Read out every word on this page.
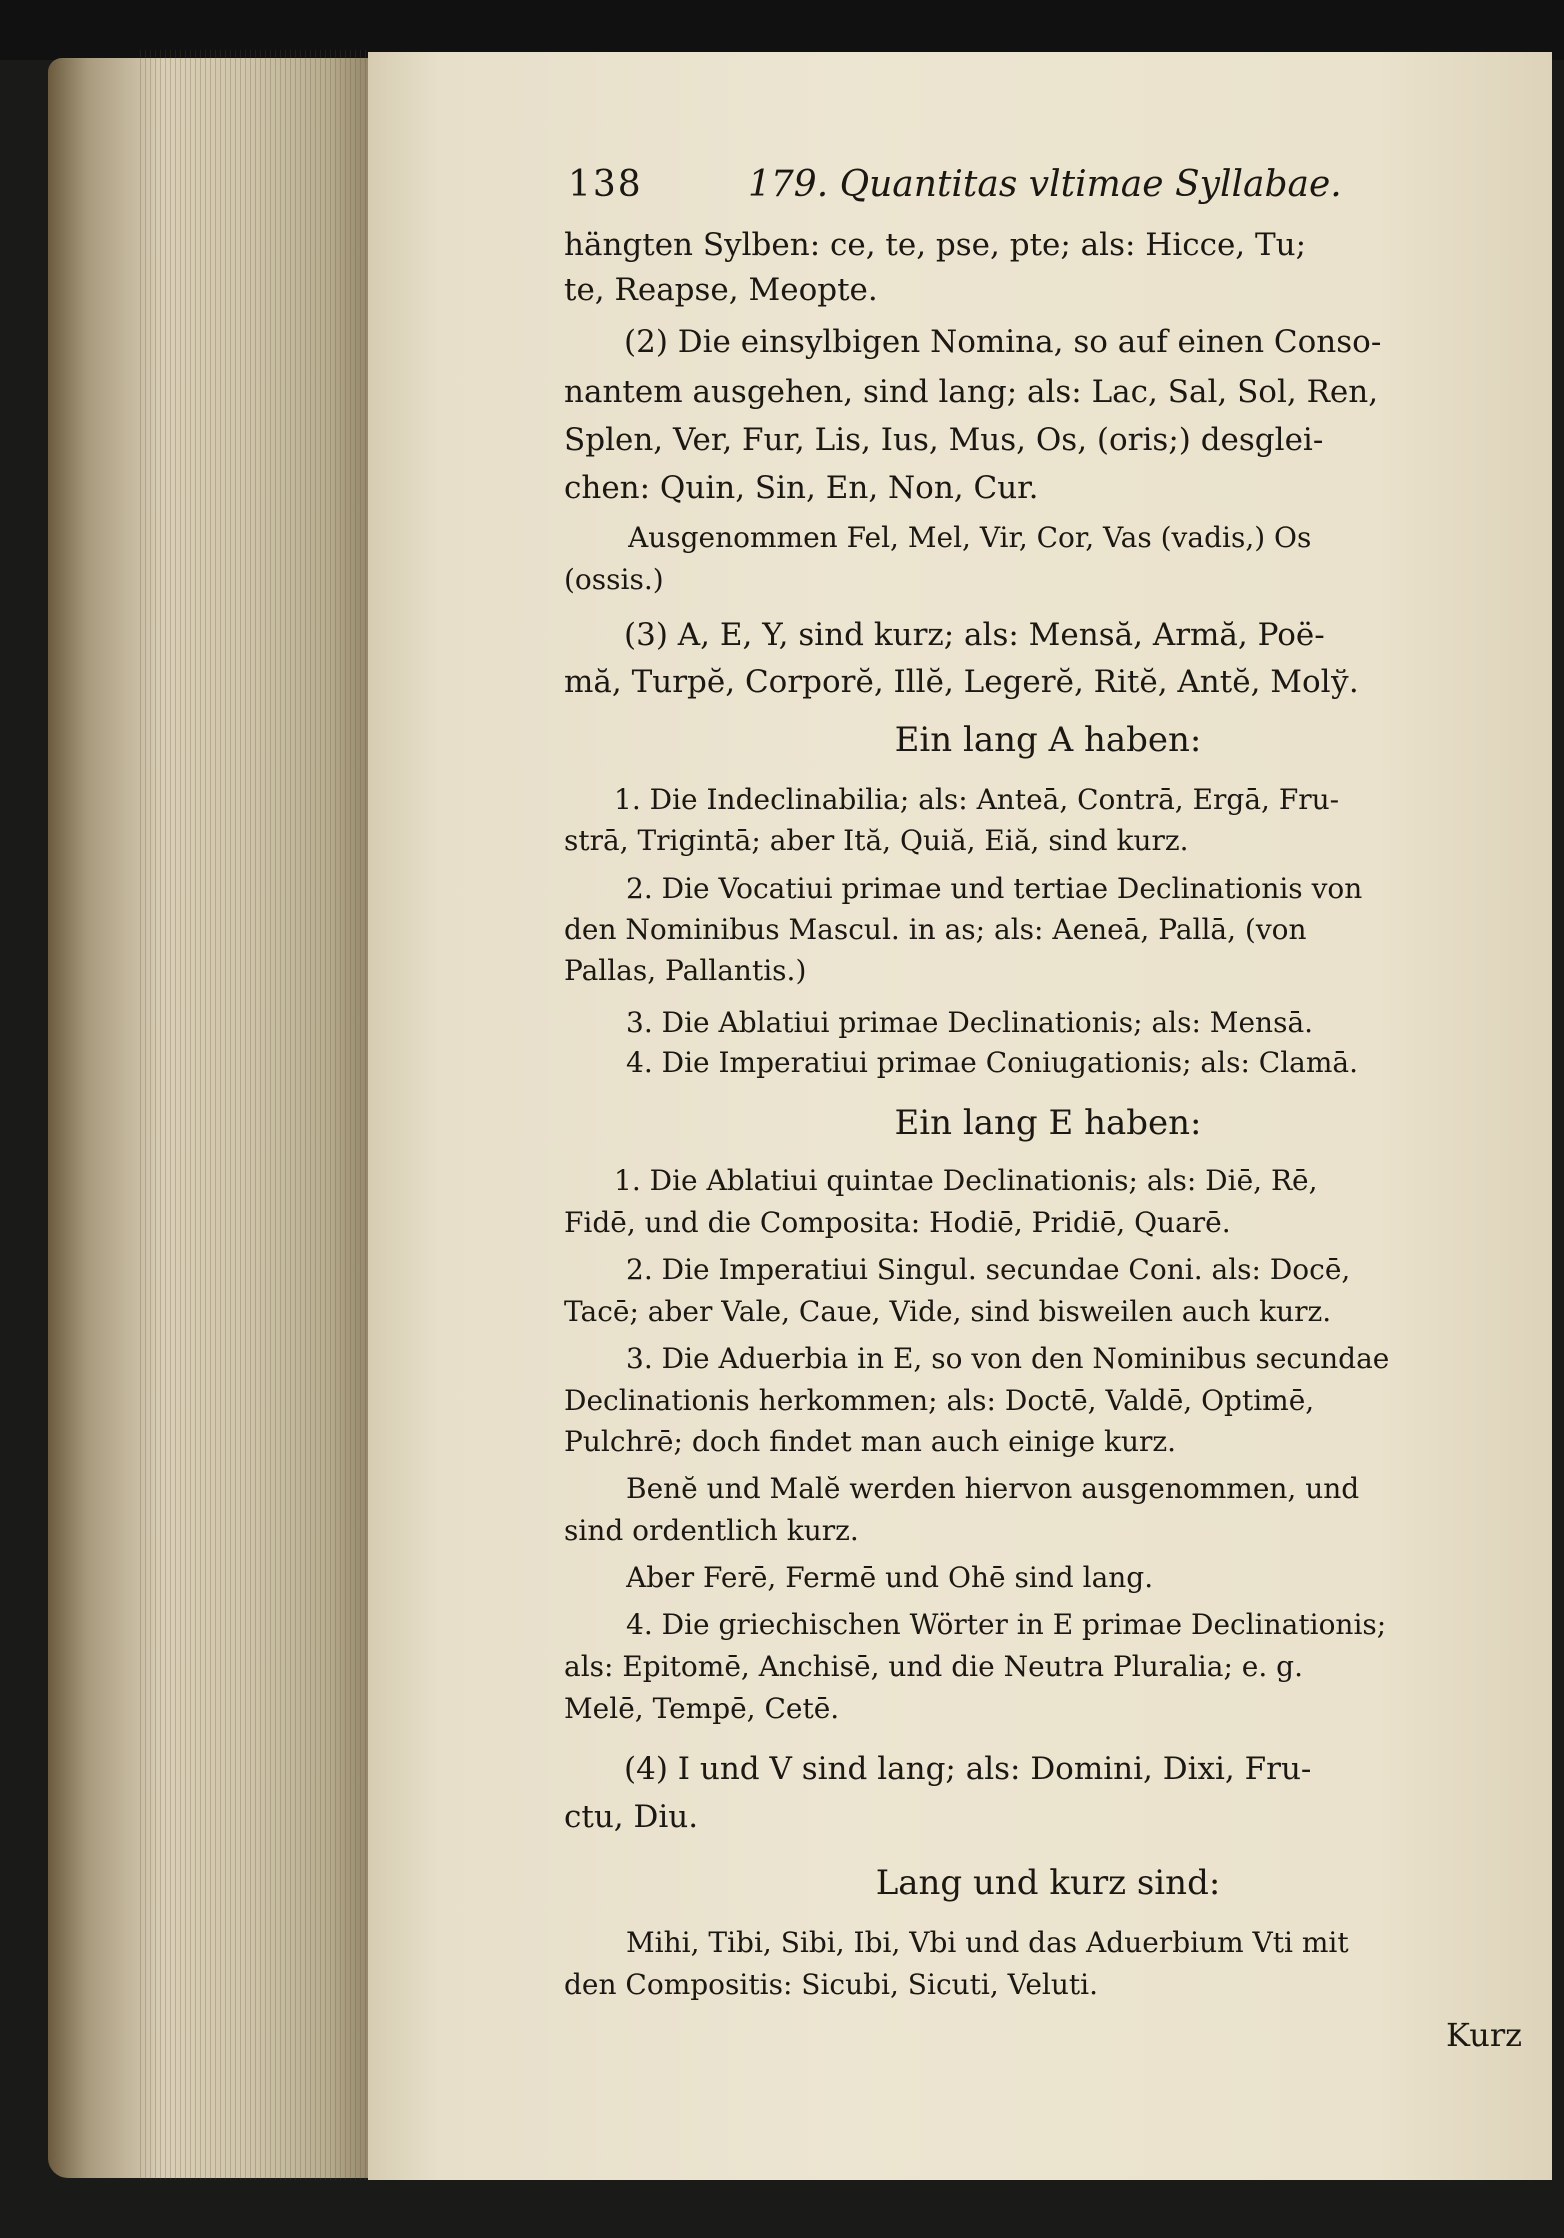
138	179. Quantitas vltimae Syllabae.
hängten Sylben: ce, te, pse, pte; als: Hicce, Tu;
te, Reapse, Meopte.
(2) Die einsylbigen Nomina, so auf einen Conso-
nantem ausgehen, sind lang; als: Lac, Sal, Sol, Ren,
Splen, Ver, Fur, Lis, Ius, Mus, Os, (oris;) desglei-
chen: Quin, Sin, En, Non, Cur.
Ausgenommen Fel, Mel, Vir, Cor, Vas (vadis,) Os
(ossis.)
(3) A, E, Y, sind kurz; als: Mensă, Armă, Poë-
mă, Turpĕ, Corporĕ, Illĕ, Legerĕ, Ritĕ, Antĕ, Molў.
Ein lang A haben:
1. Die Indeclinabilia; als: Anteā, Contrā, Ergā, Fru-
strā, Trigintā; aber Ită, Quiă, Eiă, sind kurz.
2. Die Vocatiui primae und tertiae Declinationis von
den Nominibus Mascul. in as; als: Aeneā, Pallā, (von
Pallas, Pallantis.)
3. Die Ablatiui primae Declinationis; als: Mensā.
4. Die Imperatiui primae Coniugationis; als: Clamā.
Ein lang E haben:
1. Die Ablatiui quintae Declinationis; als: Diē, Rē,
Fidē, und die Composita: Hodiē, Pridiē, Quarē.
2. Die Imperatiui Singul. secundae Coni. als: Docē,
Tacē; aber Vale, Caue, Vide, sind bisweilen auch kurz.
3. Die Aduerbia in E, so von den Nominibus secundae
Declinationis herkommen; als: Doctē, Valdē, Optimē,
Pulchrē; doch findet man auch einige kurz.
Benĕ und Malĕ werden hiervon ausgenommen, und
sind ordentlich kurz.
Aber Ferē, Fermē und Ohē sind lang.
4. Die griechischen Wörter in E primae Declinationis;
als: Epitomē, Anchisē, und die Neutra Pluralia; e. g.
Melē, Tempē, Cetē.
(4) I und V sind lang; als: Domini, Dixi, Fru-
ctu, Diu.
Lang und kurz sind:
Mihi, Tibi, Sibi, Ibi, Vbi und das Aduerbium Vti mit
den Compositis: Sicubi, Sicuti, Veluti.
Kurz
